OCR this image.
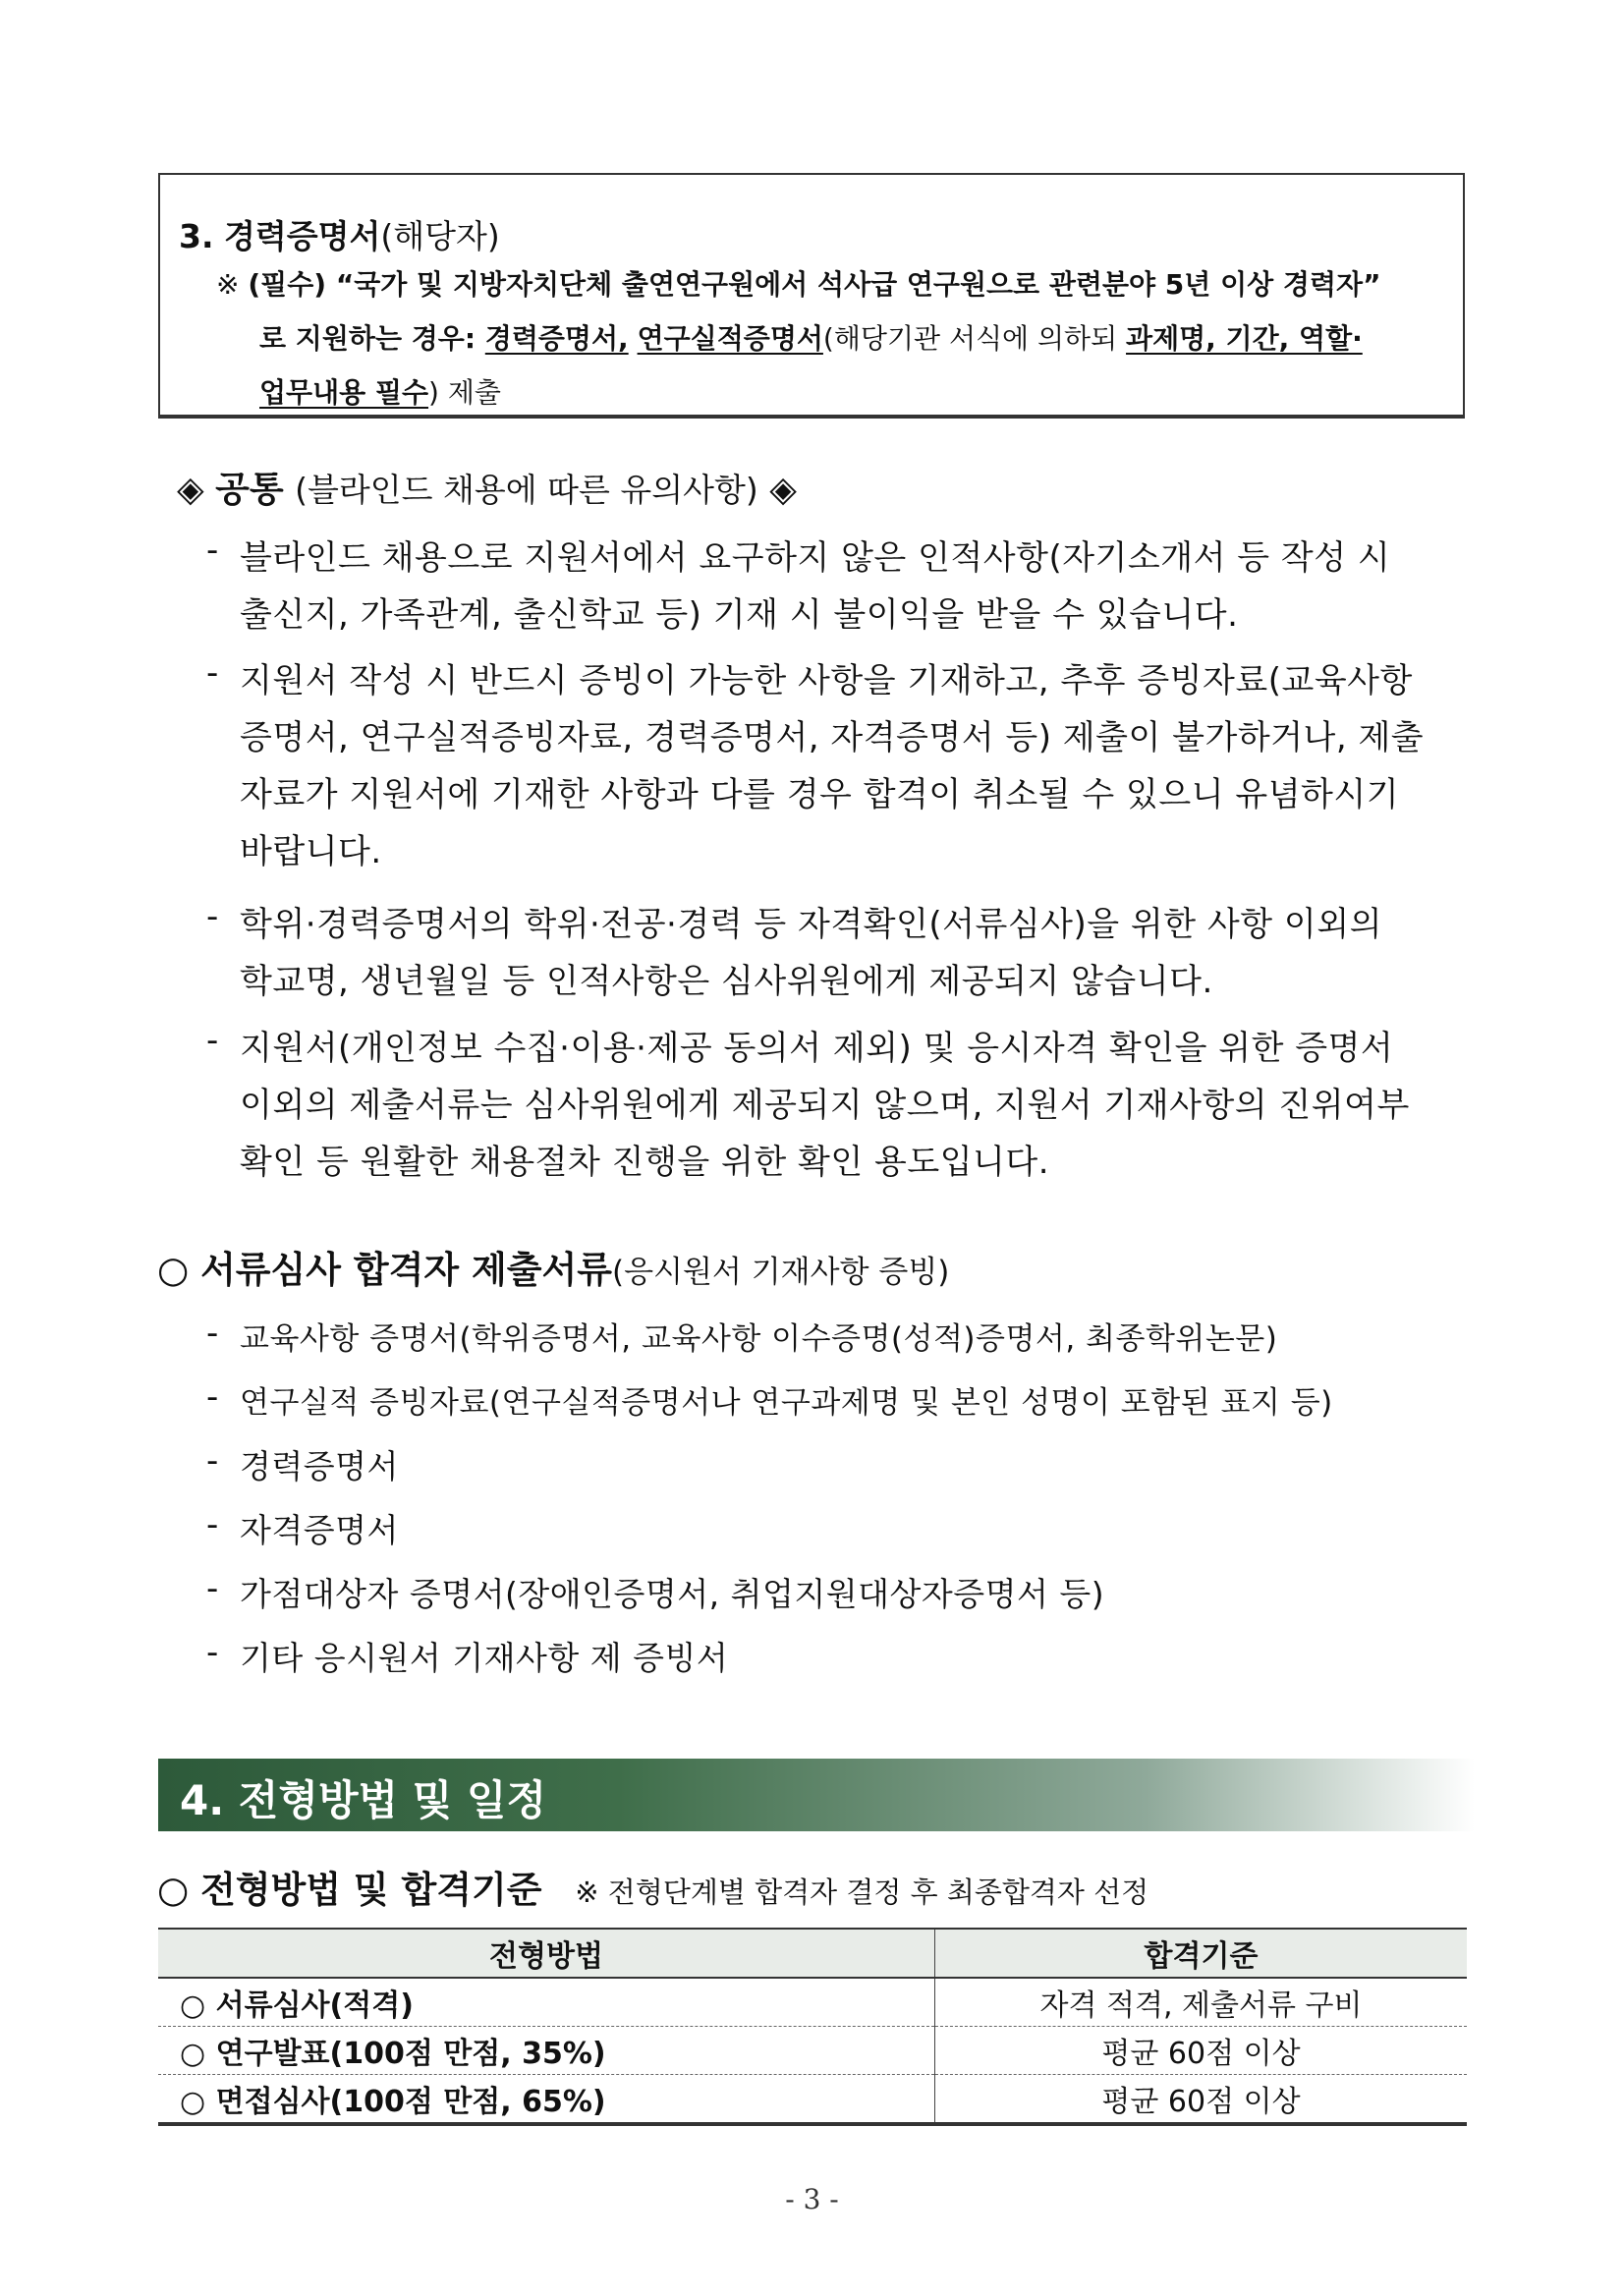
3. 경력증명서(해당자)
※ (필수) “국가 및 지방자치단체 출연연구원에서 석사급 연구원으로 관련분야 5년 이상 경력자”
로 지원하는 경우: 경력증명서, 연구실적증명서(해당기관 서식에 의하되 과제명, 기간, 역할·
업무내용 필수) 제출
◈ 공통 (블라인드 채용에 따른 유의사항) ◈
- 블라인드 채용으로 지원서에서 요구하지 않은 인적사항(자기소개서 등 작성 시
출신지, 가족관계, 출신학교 등) 기재 시 불이익을 받을 수 있습니다.
- 지원서 작성 시 반드시 증빙이 가능한 사항을 기재하고, 추후 증빙자료(교육사항
증명서, 연구실적증빙자료, 경력증명서, 자격증명서 등) 제출이 불가하거나, 제출
자료가 지원서에 기재한 사항과 다를 경우 합격이 취소될 수 있으니 유념하시기
바랍니다.
- 학위·경력증명서의 학위·전공·경력 등 자격확인(서류심사)을 위한 사항 이외의
학교명, 생년월일 등 인적사항은 심사위원에게 제공되지 않습니다.
- 지원서(개인정보 수집·이용·제공 동의서 제외) 및 응시자격 확인을 위한 증명서
이외의 제출서류는 심사위원에게 제공되지 않으며, 지원서 기재사항의 진위여부
확인 등 원활한 채용절차 진행을 위한 확인 용도입니다.
○ 서류심사 합격자 제출서류(응시원서 기재사항 증빙)
- 교육사항 증명서(학위증명서, 교육사항 이수증명(성적)증명서, 최종학위논문)
- 연구실적 증빙자료(연구실적증명서나 연구과제명 및 본인 성명이 포함된 표지 등)
- 경력증명서
- 자격증명서
- 가점대상자 증명서(장애인증명서, 취업지원대상자증명서 등)
- 기타 응시원서 기재사항 제 증빙서
4. 전형방법 및 일정
○ 전형방법 및 합격기준 ※ 전형단계별 합격자 결정 후 최종합격자 선정
전형방법	합격기준
○ 서류심사(적격)	자격 적격, 제출서류 구비
○ 연구발표(100점 만점, 35%)	평균 60점 이상
○ 면접심사(100점 만점, 65%)	평균 60점 이상
- 3 -
